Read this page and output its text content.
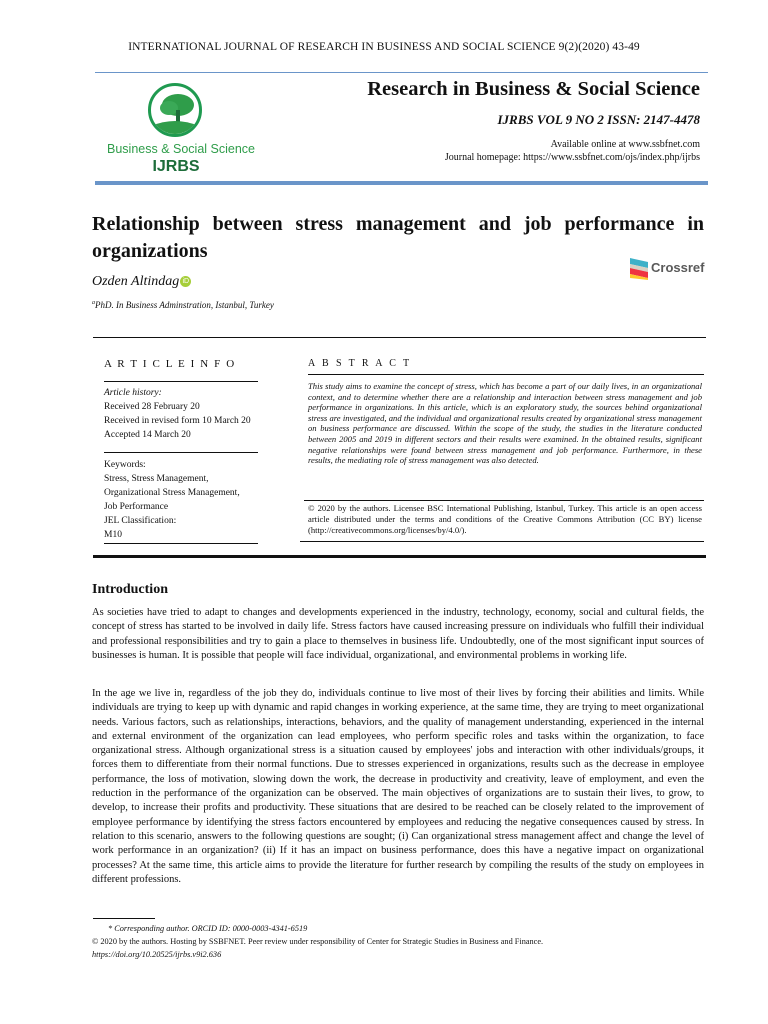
INTERNATIONAL JOURNAL OF RESEARCH IN BUSINESS AND SOCIAL SCIENCE 9(2)(2020) 43-49
Business & Social Science
IJRBS
Research in Business & Social Science
IJRBS VOL 9 NO 2 ISSN: 2147-4478
Available online at www.ssbfnet.com
Journal homepage: https://www.ssbfnet.com/ojs/index.php/ijrbs
Relationship between stress management and job performance in organizations
Crossref
Ozden Altindag iD
$^a$PhD. In Business Adminstration, Istanbul, Turkey
A R T I C L E I N F O	A B S T R A C T
Article history:
Received 28 February 20
Received in revised form 10 March 20
Accepted 14 March 20
Keywords:
Stress, Stress Management,
Organizational Stress Management,
Job Performance
JEL Classification:
M10
This study aims to examine the concept of stress, which has become a part of our daily lives, in an organizational context, and to determine whether there are a relationship and interaction between stress management and job performance in organizations. In this article, which is an exploratory study, the sources behind organizational stress are investigated, and the individual and organizational results created by organizational stress management on business performance are discussed. Within the scope of the study, the studies in the literature conducted between 2005 and 2019 in different sectors and their results were examined. In the obtained results, significant negative relationships were found between stress management and job performance. Furthermore, in these results, the mediating role of stress management was also detected.
© 2020 by the authors. Licensee BSC International Publishing, Istanbul, Turkey. This article is an open access article distributed under the terms and conditions of the Creative Commons Attribution (CC BY) license (http://creativecommons.org/licenses/by/4.0/).
Introduction
As societies have tried to adapt to changes and developments experienced in the industry, technology, economy, social and cultural fields, the concept of stress has started to be involved in daily life. Stress factors have caused increasing pressure on individuals who fulfill their individual and professional responsibilities and try to gain a place to themselves in business life. Undoubtedly, one of the most significant input sources of businesses is human. It is possible that people will face individual, organizational, and environmental problems in working life.
In the age we live in, regardless of the job they do, individuals continue to live most of their lives by forcing their abilities and limits. While individuals are trying to keep up with dynamic and rapid changes in working experience, at the same time, they are trying to meet organizational needs. Various factors, such as relationships, interactions, behaviors, and the quality of management understanding, experienced in the internal and external environment of the organization can lead employees, who perform specific roles and tasks within the organization, to face organizational stress. Although organizational stress is a situation caused by employees' jobs and interaction with other individuals/groups, it forces them to differentiate from their normal functions. Due to stresses experienced in organizations, results such as the decrease in employee performance, the loss of motivation, slowing down the work, the decrease in productivity and creativity, leave of employment, and even the reduction in the performance of the organization can be observed. The main objectives of organizations are to sustain their lives, to grow, to develop, to increase their profits and productivity. These situations that are desired to be reached can be closely related to the improvement of employee performance by identifying the stress factors encountered by employees and reducing the negative consequences caused by stress. In relation to this scenario, answers to the following questions are sought; (i) Can organizational stress management affect and change the level of work performance in an organization? (ii) If it has an impact on business performance, does this have a negative impact on organizational processes? At the same time, this article aims to provide the literature for further research by compiling the results of the study on employees in different professions.
* Corresponding author. ORCID ID: 0000-0003-4341-6519
© 2020 by the authors. Hosting by SSBFNET. Peer review under responsibility of Center for Strategic Studies in Business and Finance.
https://doi.org/10.20525/ijrbs.v9i2.636
